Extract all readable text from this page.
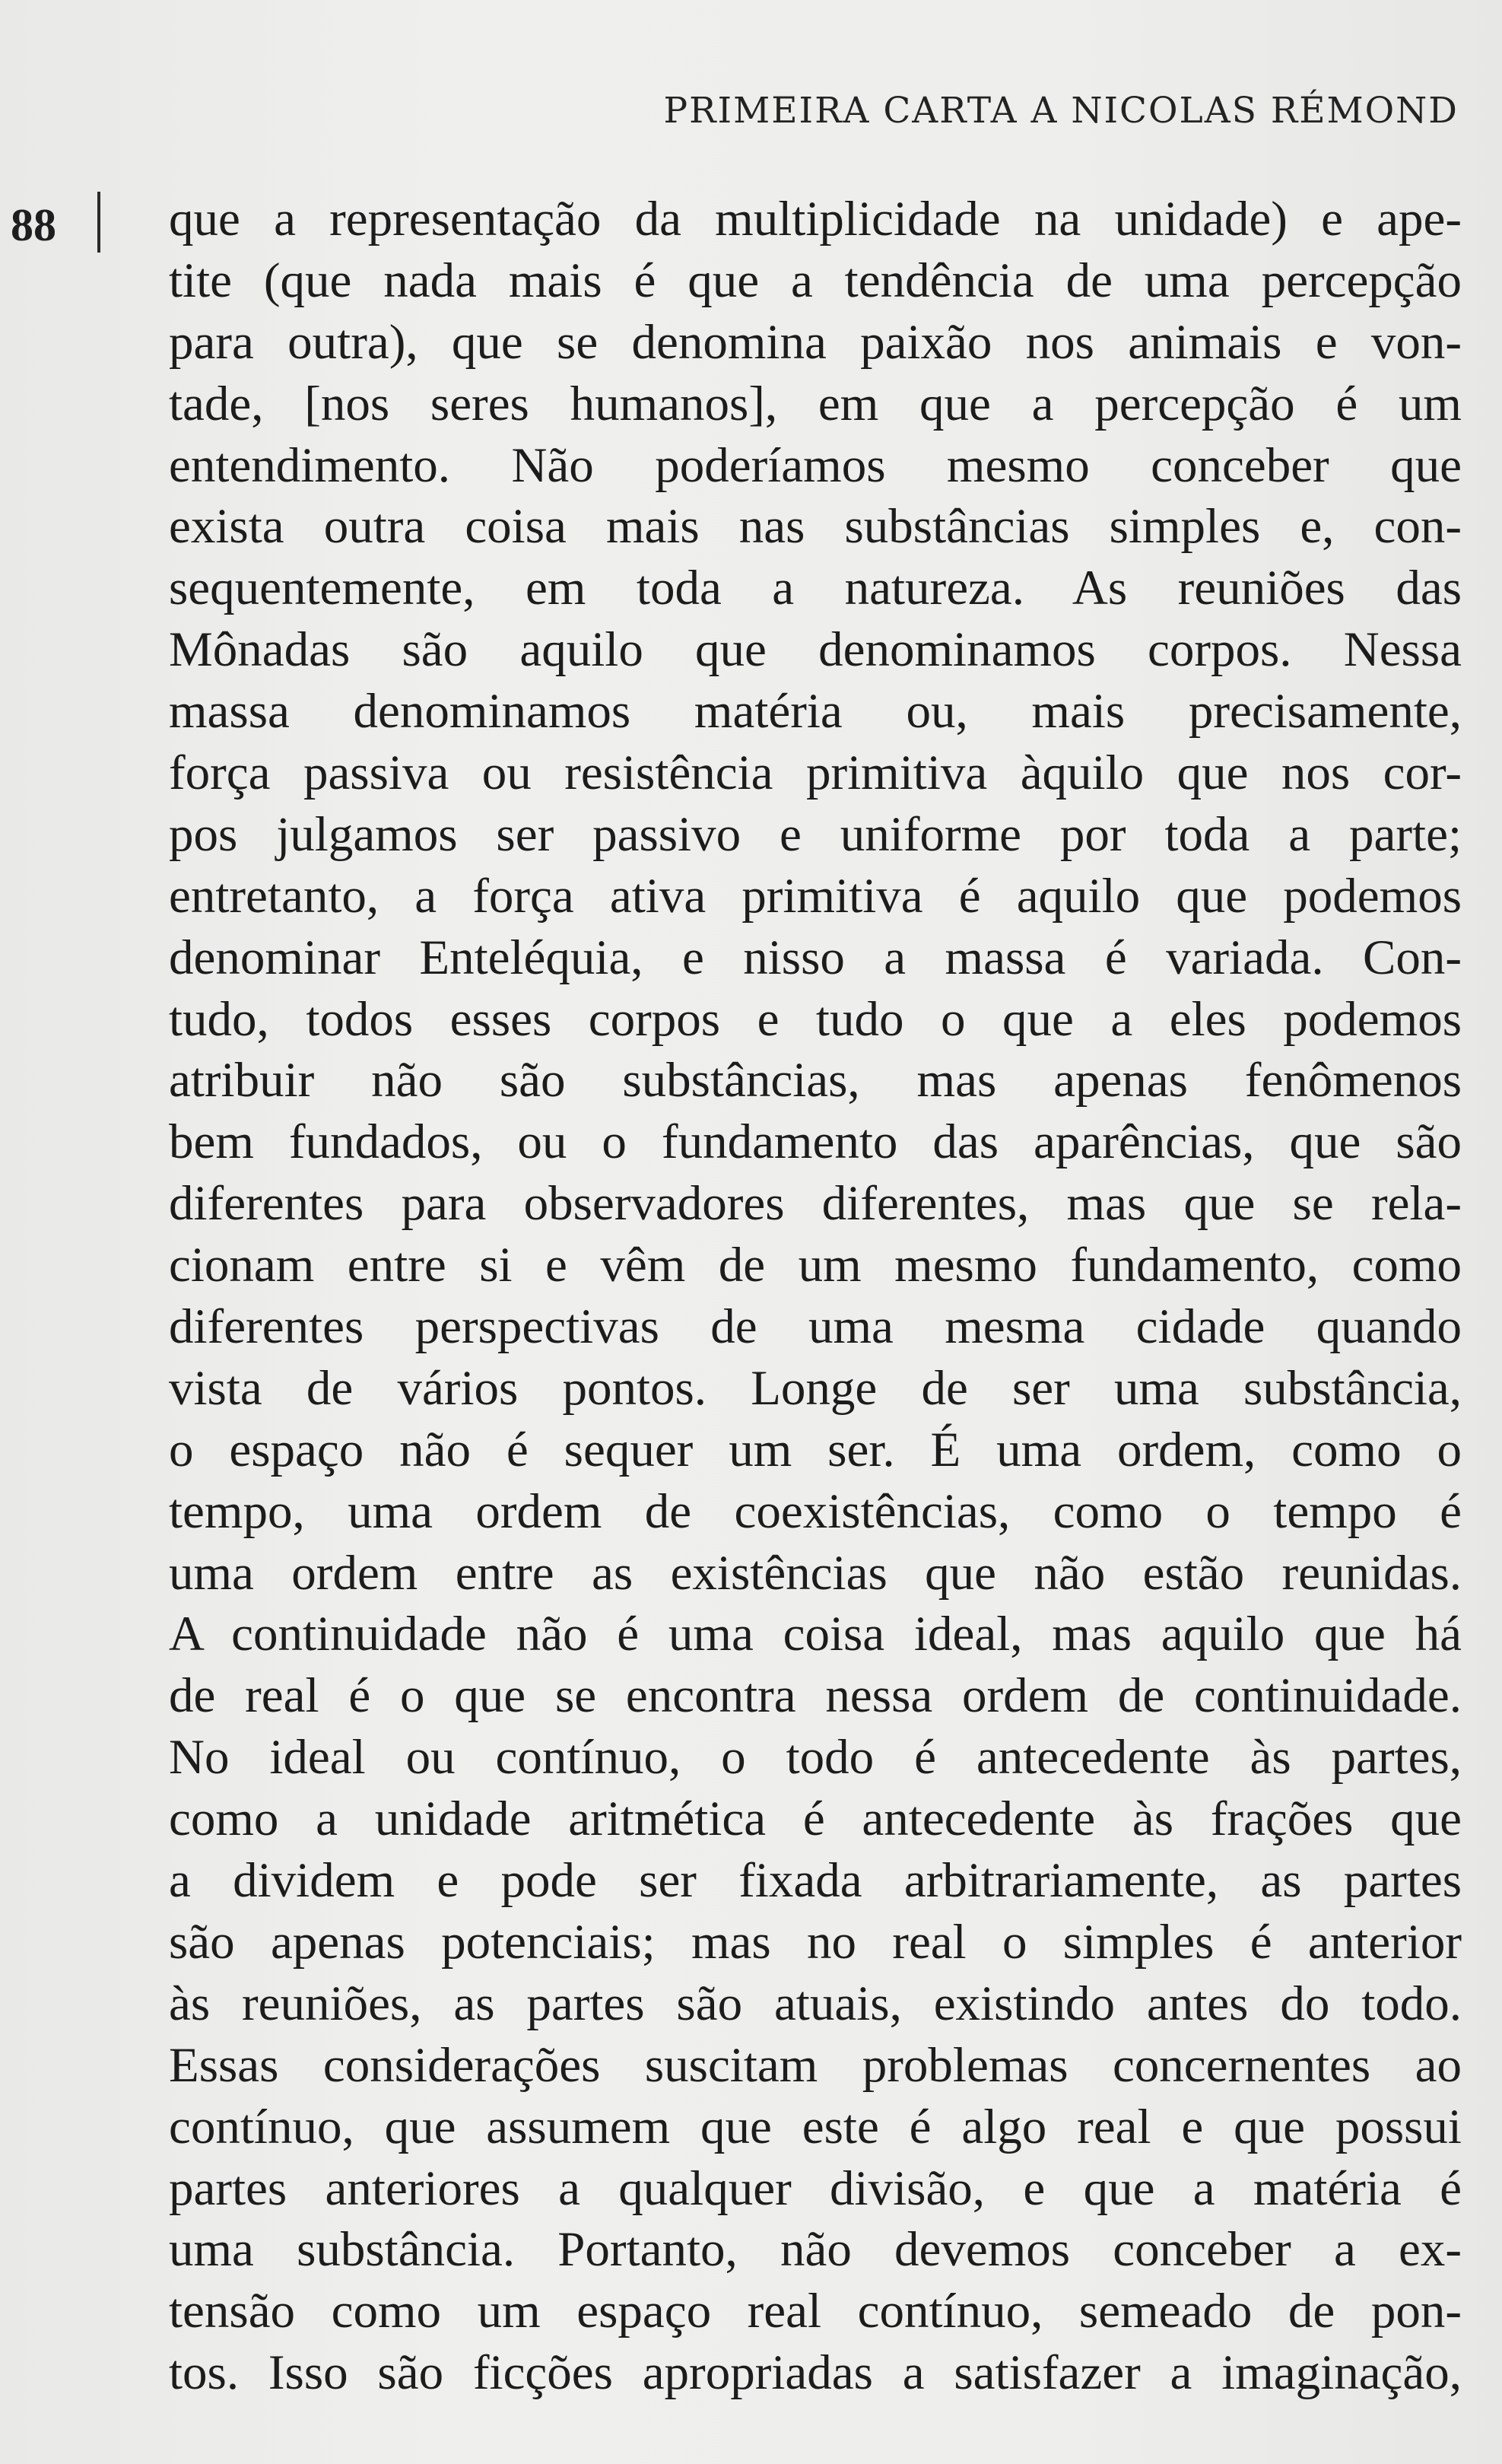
PRIMEIRA CARTA A NICOLAS RÉMOND
88 que a representação da multiplicidade na unidade) e ape-
tite (que nada mais é que a tendência de uma percepção
para outra), que se denomina paixão nos animais e von-
tade, [nos seres humanos], em que a percepção é um
entendimento. Não poderíamos mesmo conceber que
exista outra coisa mais nas substâncias simples e, con-
sequentemente, em toda a natureza. As reuniões das
Mônadas são aquilo que denominamos corpos. Nessa
massa denominamos matéria ou, mais precisamente,
força passiva ou resistência primitiva àquilo que nos cor-
pos julgamos ser passivo e uniforme por toda a parte;
entretanto, a força ativa primitiva é aquilo que podemos
denominar Enteléquia, e nisso a massa é variada. Con-
tudo, todos esses corpos e tudo o que a eles podemos
atribuir não são substâncias, mas apenas fenômenos
bem fundados, ou o fundamento das aparências, que são
diferentes para observadores diferentes, mas que se rela-
cionam entre si e vêm de um mesmo fundamento, como
diferentes perspectivas de uma mesma cidade quando
vista de vários pontos. Longe de ser uma substância,
o espaço não é sequer um ser. É uma ordem, como o
tempo, uma ordem de coexistências, como o tempo é
uma ordem entre as existências que não estão reunidas.
A continuidade não é uma coisa ideal, mas aquilo que há
de real é o que se encontra nessa ordem de continuidade.
No ideal ou contínuo, o todo é antecedente às partes,
como a unidade aritmética é antecedente às frações que
a dividem e pode ser fixada arbitrariamente, as partes
são apenas potenciais; mas no real o simples é anterior
às reuniões, as partes são atuais, existindo antes do todo.
Essas considerações suscitam problemas concernentes ao
contínuo, que assumem que este é algo real e que possui
partes anteriores a qualquer divisão, e que a matéria é
uma substância. Portanto, não devemos conceber a ex-
tensão como um espaço real contínuo, semeado de pon-
tos. Isso são ficções apropriadas a satisfazer a imaginação,
